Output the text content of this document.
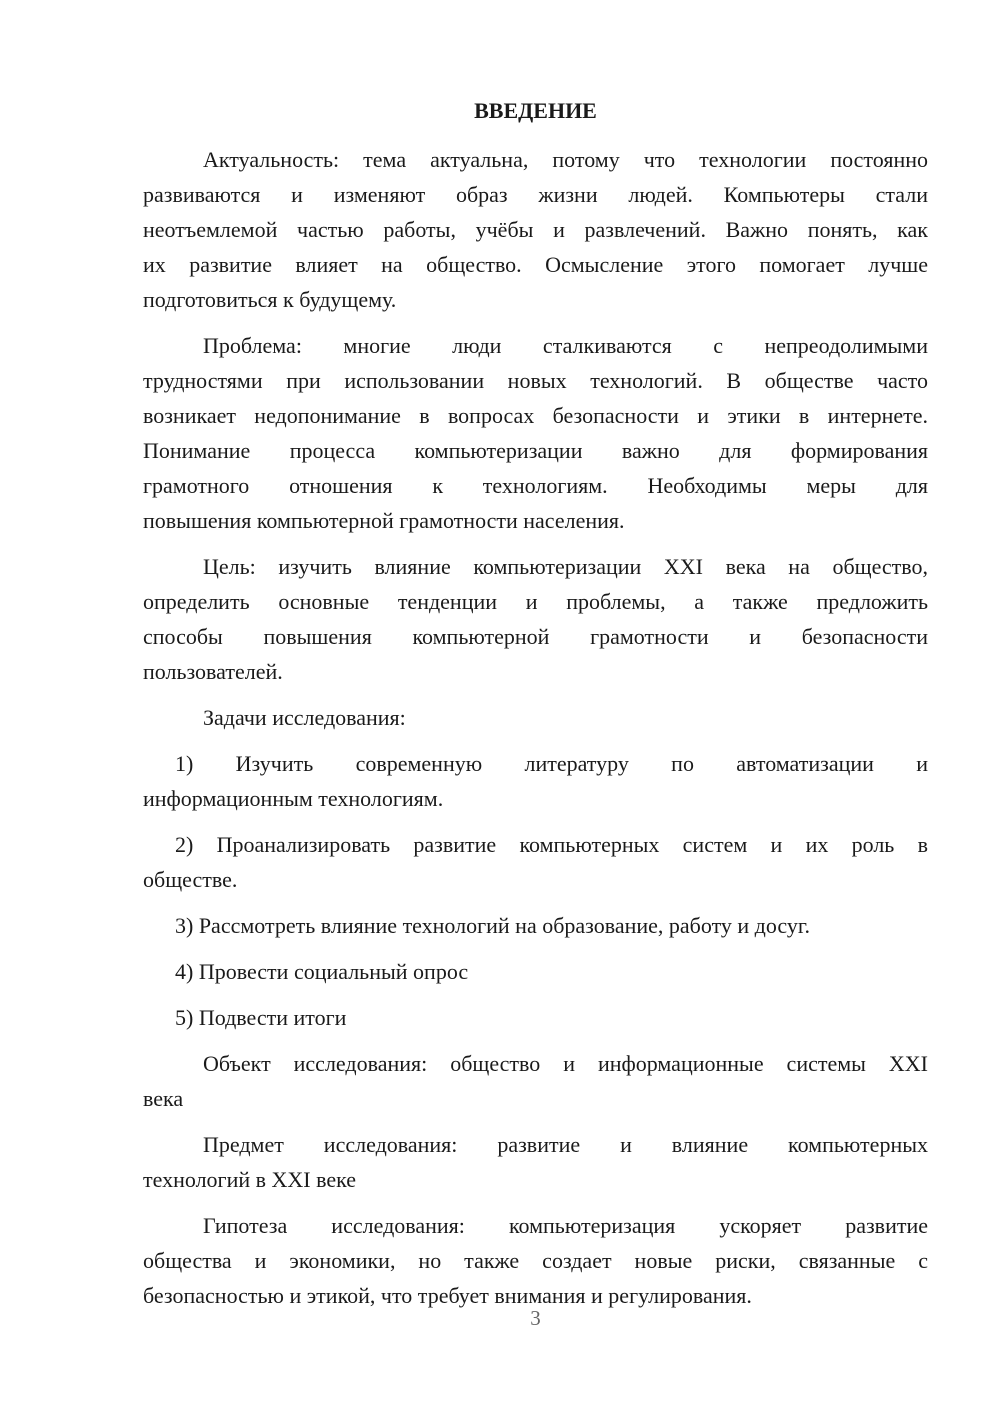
ВВЕДЕНИЕ
Актуальность: тема актуальна, потому что технологии постоянно
развиваются и изменяют образ жизни людей. Компьютеры стали
неотъемлемой частью работы, учёбы и развлечений. Важно понять, как
их развитие влияет на общество. Осмысление этого помогает лучше
подготовиться к будущему.
Проблема: многие люди сталкиваются с непреодолимыми
трудностями при использовании новых технологий. В обществе часто
возникает недопонимание в вопросах безопасности и этики в интернете.
Понимание процесса компьютеризации важно для формирования
грамотного отношения к технологиям. Необходимы меры для
повышения компьютерной грамотности населения.
Цель: изучить влияние компьютеризации XXI века на общество,
определить основные тенденции и проблемы, а также предложить
способы повышения компьютерной грамотности и безопасности
пользователей.
Задачи исследования:
1) Изучить современную литературу по автоматизации и
информационным технологиям.
2) Проанализировать развитие компьютерных систем и их роль в
обществе.
3) Рассмотреть влияние технологий на образование, работу и досуг.
4) Провести социальный опрос
5) Подвести итоги
Объект исследования: общество и информационные системы XXI
века
Предмет исследования: развитие и влияние компьютерных
технологий в XXI веке
Гипотеза исследования: компьютеризация ускоряет развитие
общества и экономики, но также создает новые риски, связанные с
безопасностью и этикой, что требует внимания и регулирования.
3
